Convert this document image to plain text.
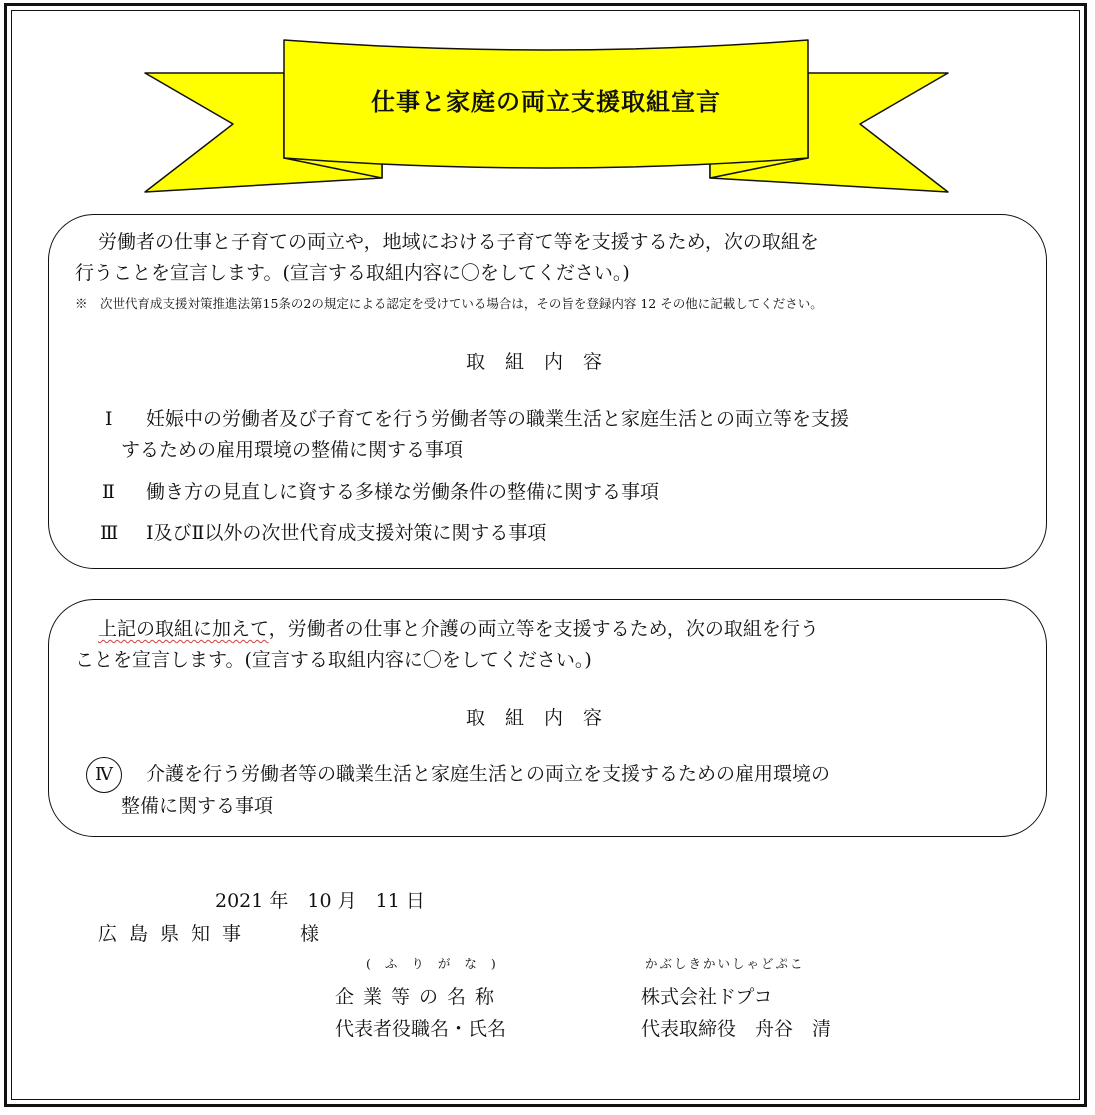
仕事と家庭の両立支援取組宣言
労働者の仕事と子育ての両立や，地域における子育て等を支援するため，次の取組を
行うことを宣言します。(宣言する取組内容に〇をしてください。)
※　次世代育成支援対策推進法第15条の2の規定による認定を受けている場合は，その旨を登録内容 12 その他に記載してください。
取組内容
Ⅰ 妊娠中の労働者及び子育てを行う労働者等の職業生活と家庭生活との両立等を支援
するための雇用環境の整備に関する事項
Ⅱ 働き方の見直しに資する多様な労働条件の整備に関する事項
Ⅲ Ⅰ及びⅡ以外の次世代育成支援対策に関する事項
上記の取組に加えて，労働者の仕事と介護の両立等を支援するため，次の取組を行う
ことを宣言します。(宣言する取組内容に〇をしてください。)
取組内容
Ⅳ	介護を行う労働者等の職業生活と家庭生活との両立を支援するための雇用環境の
整備に関する事項
2021 年　10 月　11 日
広島県知事 様
(ふりがな)	かぶしきかいしゃどぷこ
企業等の名称	株式会社ドプコ
代表者役職名・氏名	代表取締役　舟谷　清
